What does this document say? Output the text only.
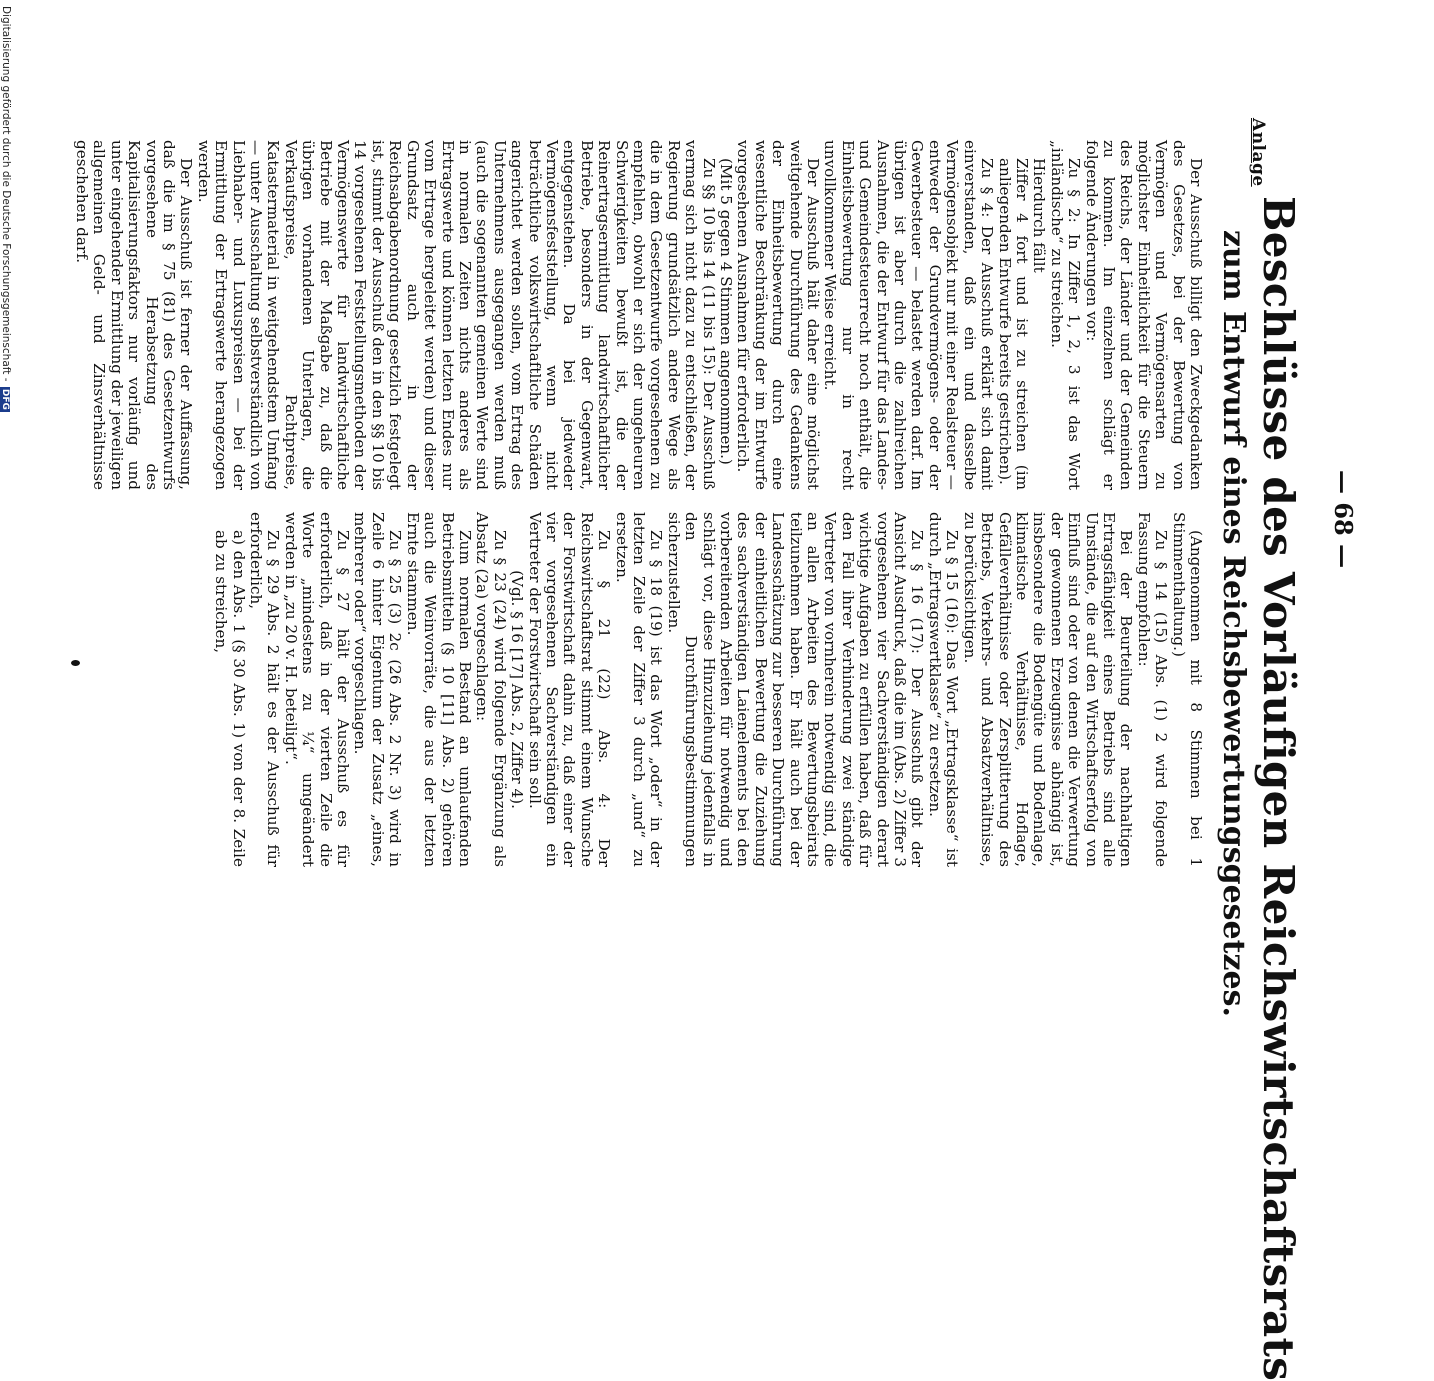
Anlage
— 68 —
Beschlüsse des Vorläufigen Reichswirtschaftsrats
zum Entwurf eines Reichsbewertungsgesetzes.

Der Ausschuß billigt den Zweckgedanken des Gesetzes, bei der Bewertung von Vermögen und Vermögensarten zu möglichster Einheitlichkeit für die Steuern des Reichs, der Länder und der Gemeinden zu kommen. Im einzelnen schlägt er folgende Änderungen vor:

Zu § 2: In Ziffer 1, 2, 3 ist das Wort „inländische“ zu streichen.

Hierdurch fällt

Ziffer 4 fort und ist zu streichen (im anliegenden Entwurfe bereits gestrichen).

Zu § 4: Der Ausschuß erklärt sich damit einverstanden, daß ein und dasselbe Vermögensobjekt nur mit einer Realsteuer — entweder der Grundvermögens- oder der Gewerbesteuer — belastet werden darf. Im übrigen ist aber durch die zahlreichen Ausnahmen, die der Entwurf für das Landes- und Gemeindesteuerrecht noch enthält, die Einheitsbewertung nur in recht unvollkommener Weise erreicht.

Der Ausschuß hält daher eine möglichst weitgehende Durchführung des Gedankens der Einheitsbewertung durch eine wesentliche Beschränkung der im Entwurfe vorgesehenen Ausnahmen für erforderlich.

(Mit 5 gegen 4 Stimmen angenommen.)

Zu §§ 10 bis 14 (11 bis 15): Der Ausschuß vermag sich nicht dazu zu entschließen, der Regierung grundsätzlich andere Wege als die in dem Gesetzentwurfe vorgesehenen zu empfehlen, obwohl er sich der ungeheuren Schwierigkeiten bewußt ist, die der Reinertragsermittlung landwirtschaftlicher Betriebe, besonders in der Gegenwart, entgegenstehen. Da bei jedweder Vermögensfeststellung, wenn nicht beträchtliche volkswirtschaftliche Schäden angerichtet werden sollen, vom Ertrag des Unternehmens ausgegangen werden muß (auch die sogenannten gemeinen Werte sind in normalen Zeiten nichts anderes als Ertragswerte und können letzten Endes nur vom Ertrage hergeleitet werden) und dieser Grundsatz auch in der Reichsabgabenordnung gesetzlich festgelegt ist, stimmt der Ausschuß den in den §§ 10 bis 14 vorgesehenen Feststellungsmethoden der Vermögenswerte für landwirtschaftliche Betriebe mit der Maßgabe zu, daß die übrigen vorhandenen Unterlagen, die Verkaufspreise, Pachtpreise, Katastermaterial in weitgehendstem Umfang — unter Ausschaltung selbstverständlich von Liebhaber- und Luxuspreisen — bei der Ermittlung der Ertragswerte herangezogen werden.

Der Ausschuß ist ferner der Auffassung, daß die im § 75 (81) des Gesetzentwurfs vorgesehene Herabsetzung des Kapitalisierungsfaktors nur vorläufig und unter eingehender Ermittlung der jeweiligen allgemeinen Geld- und Zinsverhältnisse geschehen darf.

(Angenommen mit 8 Stimmen bei 1 Stimmenthaltung.)

Zu § 14 (15) Abs. (1) 2 wird folgende Fassung empfohlen:

Bei der Beurteilung der nachhaltigen Ertragsfähigkeit eines Betriebs sind alle Umstände, die auf den Wirtschaftserfolg von Einfluß sind oder von denen die Verwertung der gewonnenen Erzeugnisse abhängig ist, insbesondere die Bodengüte und Bodenlage, klimatische Verhältnisse, Hoflage, Gefälleverhältnisse oder Zersplitterung des Betriebs, Verkehrs- und Absatzverhältnisse, zu berücksichtigen.

Zu § 15 (16): Das Wort „Ertragsklasse“ ist durch „Ertragswertklasse“ zu ersetzen.

Zu § 16 (17): Der Ausschuß gibt der Ansicht Ausdruck, daß die im (Abs. 2) Ziffer 3 vorgesehenen vier Sachverständigen derart wichtige Aufgaben zu erfüllen haben, daß für den Fall ihrer Verhinderung zwei ständige Vertreter von vornherein notwendig sind, die an allen Arbeiten des Bewertungsbeirats teilzunehmen haben. Er hält auch bei der Landesschätzung zur besseren Durchführung der einheitlichen Bewertung die Zuziehung des sachverständigen Laienelements bei den vorbereitenden Arbeiten für notwendig und schlägt vor, diese Hinzuziehung jedenfalls in den Durchführungsbestimmungen sicherzustellen.

Zu § 18 (19) ist das Wort „oder“ in der letzten Zeile der Ziffer 3 durch „und“ zu ersetzen.

Zu § 21 (22) Abs. 4: Der Reichswirtschaftsrat stimmt einem Wunsche der Forstwirtschaft dahin zu, daß einer der vier vorgesehenen Sachverständigen ein Vertreter der Forstwirtschaft sein soll.

(Vgl. § 16 [17] Abs. 2, Ziffer 4).

Zu § 23 (24) wird folgende Ergänzung als Absatz (2a) vorgeschlagen:

Zum normalen Bestand an umlaufenden Betriebsmitteln (§ 10 [11] Abs. 2) gehören auch die Weinvorräte, die aus der letzten Ernte stammen.

Zu § 25 (3) 2c (26 Abs. 2 Nr. 3) wird in Zeile 6 hinter Eigentum der Zusatz „eines, mehrerer oder“ vorgeschlagen.

Zu § 27 hält der Ausschuß es für erforderlich, daß in der vierten Zeile die Worte „mindestens zu ¼“ umgeändert werden in „zu 20 v. H. beteiligt“.

Zu § 29 Abs. 2 hält es der Ausschuß für erforderlich,

a) den Abs. 1 (§ 30 Abs. 1) von der 8. Zeile ab zu streichen,

Digitalisierung gefördert durch die Deutsche Forschungsgemeinschaft - DFG
